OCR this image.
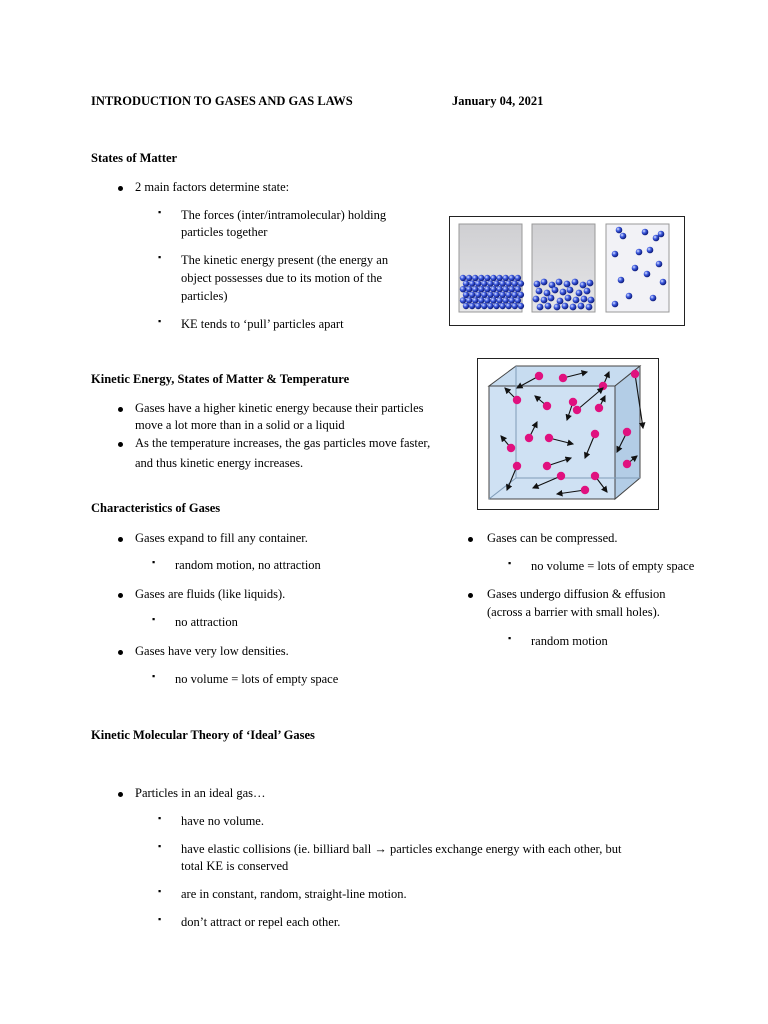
INTRODUCTION TO GASES AND GAS LAWS	January 04, 2021
States of Matter
2 main factors determine state:
▪ The forces (inter/intramolecular) holding
particles together
▪ The kinetic energy present (the energy an
object possesses due to its motion of the
particles)
▪ KE tends to ‘pull’ particles apart
Kinetic Energy, States of Matter & Temperature
Gases have a higher kinetic energy because their particles
move a lot more than in a solid or a liquid
As the temperature increases, the gas particles move faster,
and thus kinetic energy increases.
Characteristics of Gases
Gases expand to fill any container.
▪ random motion, no attraction
Gases are fluids (like liquids).
▪ no attraction
Gases have very low densities.
▪ no volume = lots of empty space
Gases can be compressed.
▪ no volume = lots of empty space
Gases undergo diffusion & effusion
(across a barrier with small holes).
▪ random motion
Kinetic Molecular Theory of ‘Ideal’ Gases
Particles in an ideal gas…
▪ have no volume.
▪ have elastic collisions (ie. billiard ball → particles exchange energy with each other, but
total KE is conserved
▪ are in constant, random, straight-line motion.
▪ don’t attract or repel each other.
